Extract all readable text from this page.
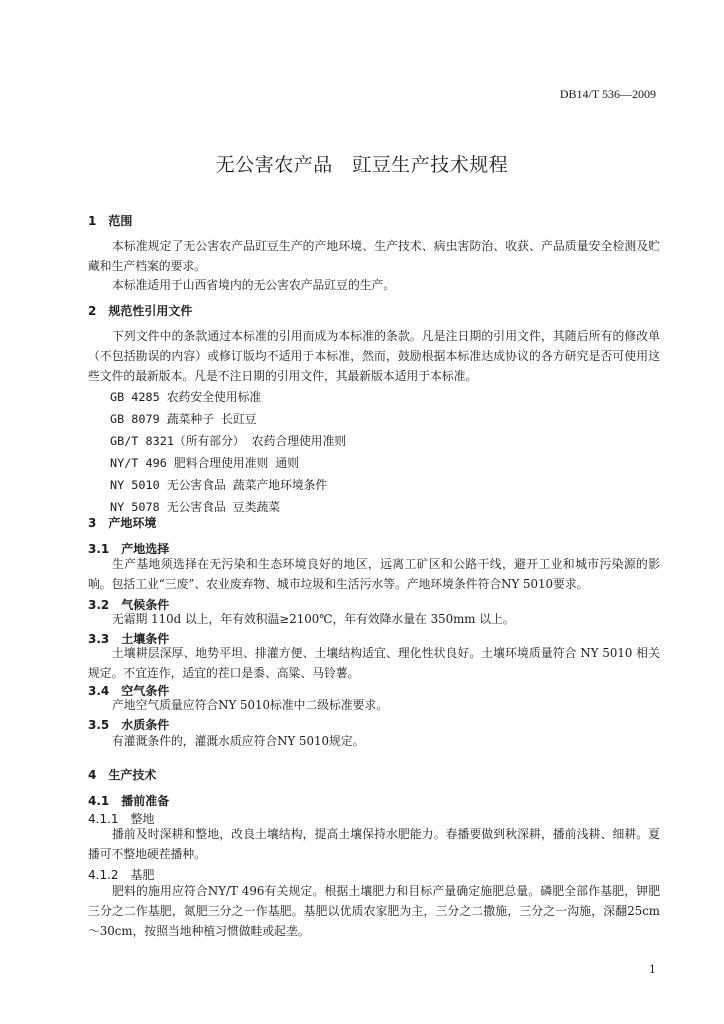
DB14/T 536—2009
无公害农产品　豇豆生产技术规程
1 范围
本标准规定了无公害农产品豇豆生产的产地环境、生产技术、病虫害防治、收获、产品质量安全检测及贮藏和生产档案的要求。
本标准适用于山西省境内的无公害农产品豇豆的生产。
2 规范性引用文件
下列文件中的条款通过本标准的引用而成为本标准的条款。凡是注日期的引用文件，其随后所有的修改单（不包括勘误的内容）或修订版均不适用于本标准，然而，鼓励根据本标准达成协议的各方研究是否可使用这些文件的最新版本。凡是不注日期的引用文件，其最新版本适用于本标准。
GB 4285 农药安全使用标准
GB 8079 蔬菜种子 长豇豆
GB/T 8321（所有部分） 农药合理使用准则
NY/T 496 肥料合理使用准则 通则
NY 5010 无公害食品 蔬菜产地环境条件
NY 5078 无公害食品 豆类蔬菜
3 产地环境
3.1 产地选择
生产基地须选择在无污染和生态环境良好的地区，远离工矿区和公路干线，避开工业和城市污染源的影响。包括工业“三废”、农业废弃物、城市垃圾和生活污水等。产地环境条件符合NY 5010要求。
3.2 气候条件
无霜期 110d 以上，年有效积温≥2100℃，年有效降水量在 350mm 以上。
3.3 土壤条件
土壤耕层深厚、地势平坦、排灌方便、土壤结构适宜、理化性状良好。土壤环境质量符合 NY 5010 相关规定。不宜连作，适宜的茬口是黍、高粱、马铃薯。
3.4 空气条件
产地空气质量应符合NY 5010标准中二级标准要求。
3.5 水质条件
有灌溉条件的，灌溉水质应符合NY 5010规定。
4 生产技术
4.1 播前准备
4.1.1 整地
播前及时深耕和整地，改良土壤结构，提高土壤保持水肥能力。春播要做到秋深耕，播前浅耕、细耕。夏播可不整地硬茬播种。
4.1.2 基肥
肥料的施用应符合NY/T 496有关规定。根据土壤肥力和目标产量确定施肥总量。磷肥全部作基肥，钾肥三分之二作基肥，氮肥三分之一作基肥。基肥以优质农家肥为主，三分之二撒施，三分之一沟施，深翻25cm～30cm，按照当地种植习惯做畦或起垄。
1
